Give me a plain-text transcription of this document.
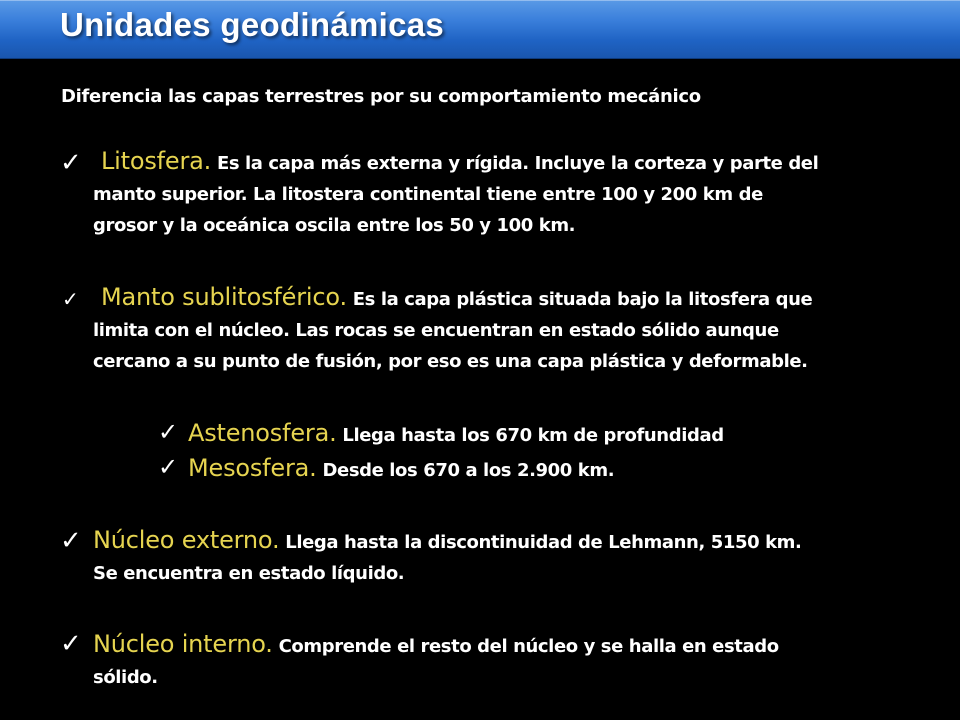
Unidades geodinámicas
Diferencia las capas terrestres por su comportamiento mecánico
✓ Litosfera. Es la capa más externa y rígida. Incluye la corteza y parte del
manto superior. La litostera continental tiene entre 100 y 200 km de
grosor y la oceánica oscila entre los 50 y 100 km.
✓ Manto sublitosférico. Es la capa plástica situada bajo la litosfera que
limita con el núcleo. Las rocas se encuentran en estado sólido aunque
cercano a su punto de fusión, por eso es una capa plástica y deformable.
✓ Astenosfera. Llega hasta los 670 km de profundidad
✓ Mesosfera. Desde los 670 a los 2.900 km.
✓ Núcleo externo. Llega hasta la discontinuidad de Lehmann, 5150 km.
Se encuentra en estado líquido.
✓ Núcleo interno. Comprende el resto del núcleo y se halla en estado
sólido.
